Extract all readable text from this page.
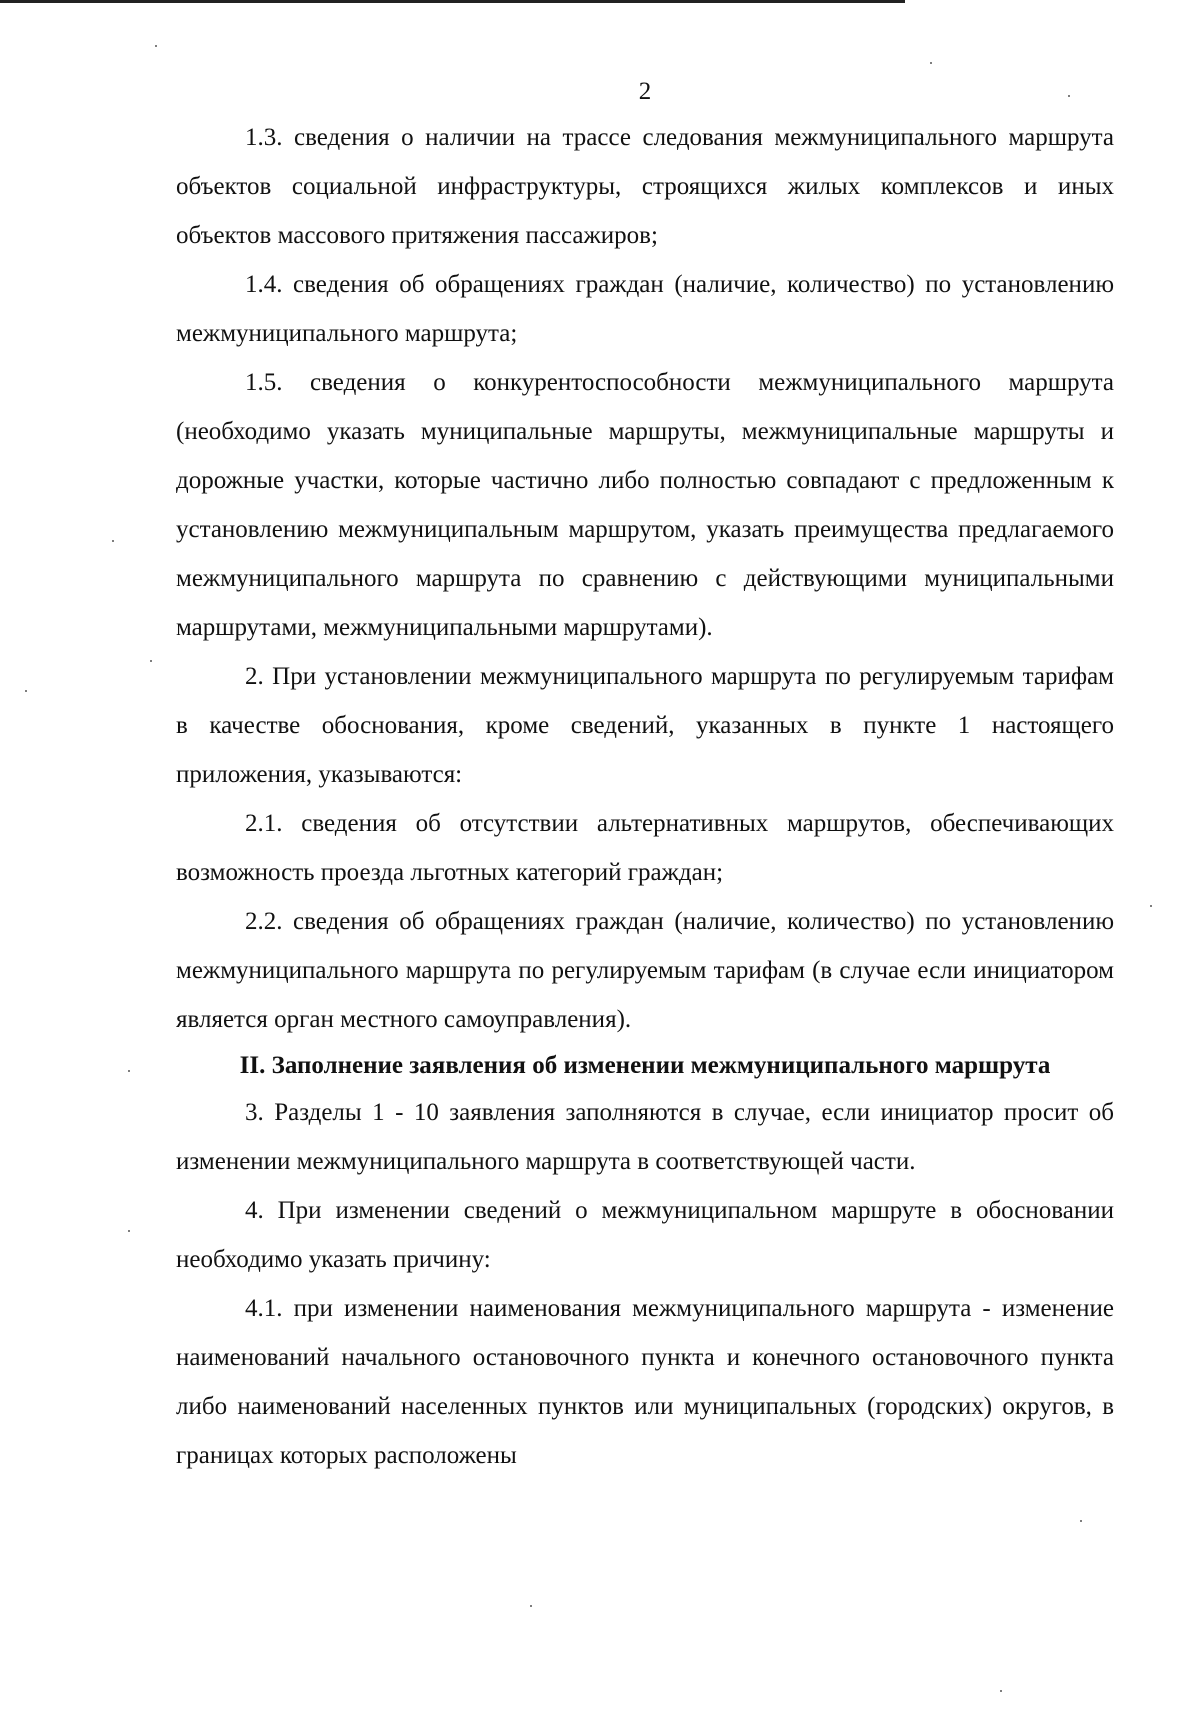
2

1.3. сведения о наличии на трассе следования межмуниципального маршрута объектов социальной инфраструктуры, строящихся жилых комплексов и иных объектов массового притяжения пассажиров;

1.4. сведения об обращениях граждан (наличие, количество) по установлению межмуниципального маршрута;

1.5. сведения о конкурентоспособности межмуниципального маршрута (необходимо указать муниципальные маршруты, межмуниципальные маршруты и дорожные участки, которые частично либо полностью совпадают с предложенным к установлению межмуниципальным маршрутом, указать преимущества предлагаемого межмуниципального маршрута по сравнению с действующими муниципальными маршрутами, межмуниципальными маршрутами).

2. При установлении межмуниципального маршрута по регулируемым тарифам в качестве обоснования, кроме сведений, указанных в пункте 1 настоящего приложения, указываются:

2.1. сведения об отсутствии альтернативных маршрутов, обеспечивающих возможность проезда льготных категорий граждан;

2.2. сведения об обращениях граждан (наличие, количество) по установлению межмуниципального маршрута по регулируемым тарифам (в случае если инициатором является орган местного самоуправления).

II. Заполнение заявления об изменении межмуниципального маршрута

3. Разделы 1 - 10 заявления заполняются в случае, если инициатор просит об изменении межмуниципального маршрута в соответствующей части.

4. При изменении сведений о межмуниципальном маршруте в обосновании необходимо указать причину:

4.1. при изменении наименования межмуниципального маршрута - изменение наименований начального остановочного пункта и конечного остановочного пункта либо наименований населенных пунктов или муниципальных (городских) округов, в границах которых расположены
